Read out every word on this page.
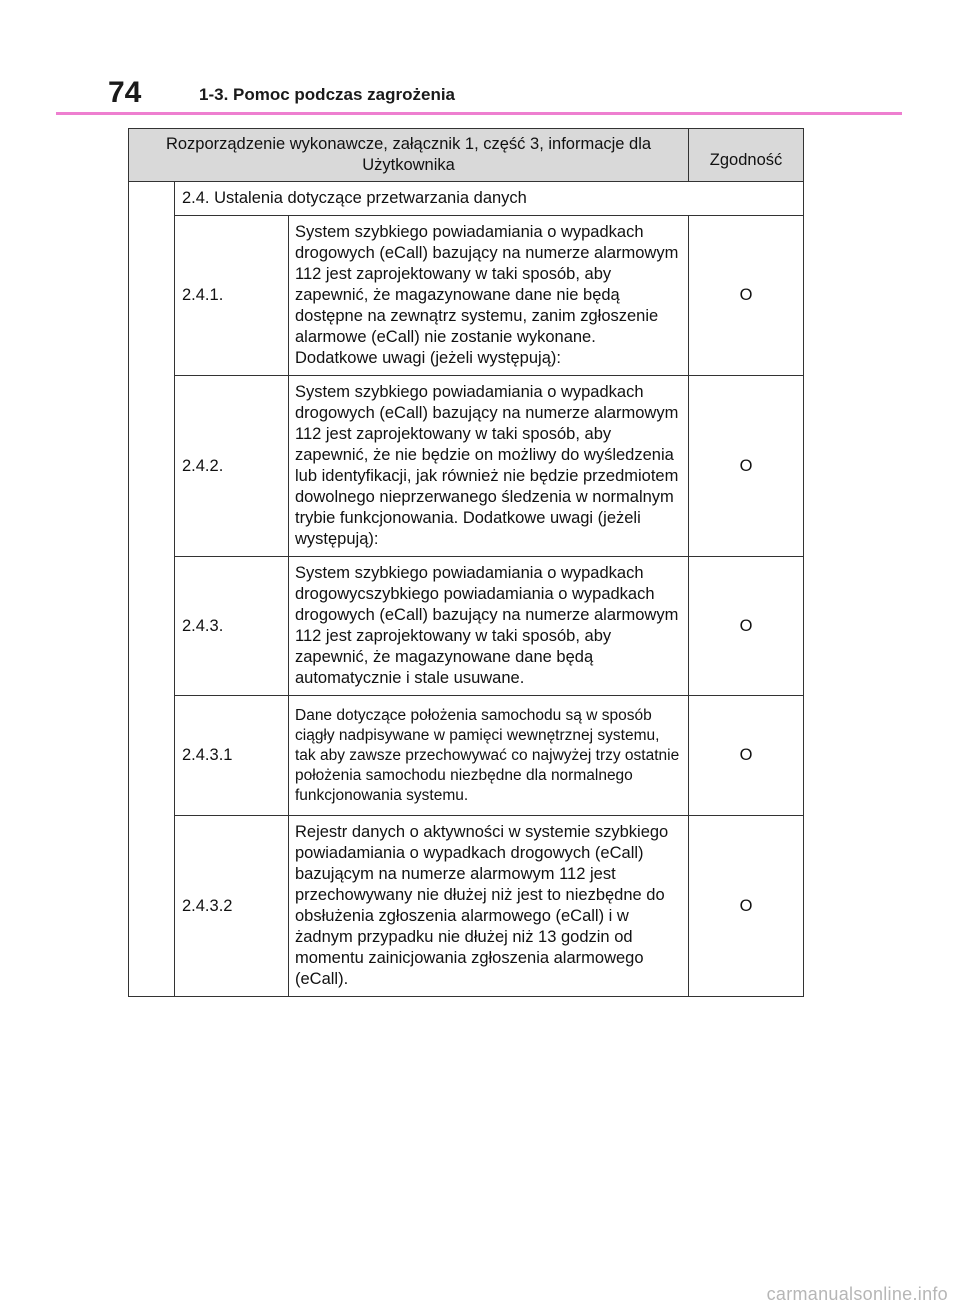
74	1-3. Pomoc podczas zagrożenia
Rozporządzenie wykonawcze, załącznik 1, część 3, informacje dla Użytkownika			Zgodność
	2.4. Ustalenia dotyczące przetwarzania danych		
	2.4.1.	System szybkiego powiadamiania o wypadkach drogowych (eCall) bazujący na numerze alarmowym 112 jest zaprojektowany w taki sposób, aby zapewnić, że magazynowane dane nie będą dostępne na zewnątrz systemu, zanim zgłoszenie alarmowe (eCall) nie zostanie wykonane. Dodatkowe uwagi (jeżeli występują):	O
	2.4.2.	System szybkiego powiadamiania o wypadkach drogowych (eCall) bazujący na numerze alarmowym 112 jest zaprojektowany w taki sposób, aby zapewnić, że nie będzie on możliwy do wyśledzenia lub identyfikacji, jak również nie będzie przedmiotem dowolnego nieprzerwanego śledzenia w normalnym trybie funkcjonowania. Dodatkowe uwagi (jeżeli występują):	O
	2.4.3.	System szybkiego powiadamiania o wypadkach drogowycszybkiego powiadamiania o wypadkach drogowych (eCall) bazujący na numerze alarmowym 112 jest zaprojektowany w taki sposób, aby zapewnić, że magazynowane dane będą automatycznie i stale usuwane.	O
	2.4.3.1	Dane dotyczące położenia samochodu są w sposób ciągły nadpisywane w pamięci wewnętrznej systemu, tak aby zawsze przechowywać co najwyżej trzy ostatnie położenia samochodu niezbędne dla normalnego funkcjonowania systemu.	O
	2.4.3.2	Rejestr danych o aktywności w systemie szybkiego powiadamiania o wypadkach drogowych (eCall) bazującym na numerze alarmowym 112 jest przechowywany nie dłużej niż jest to niezbędne do obsłużenia zgłoszenia alarmowego (eCall) i w żadnym przypadku nie dłużej niż 13 godzin od momentu zainicjowania zgłoszenia alarmowego (eCall).	O
carmanualsonline.info
